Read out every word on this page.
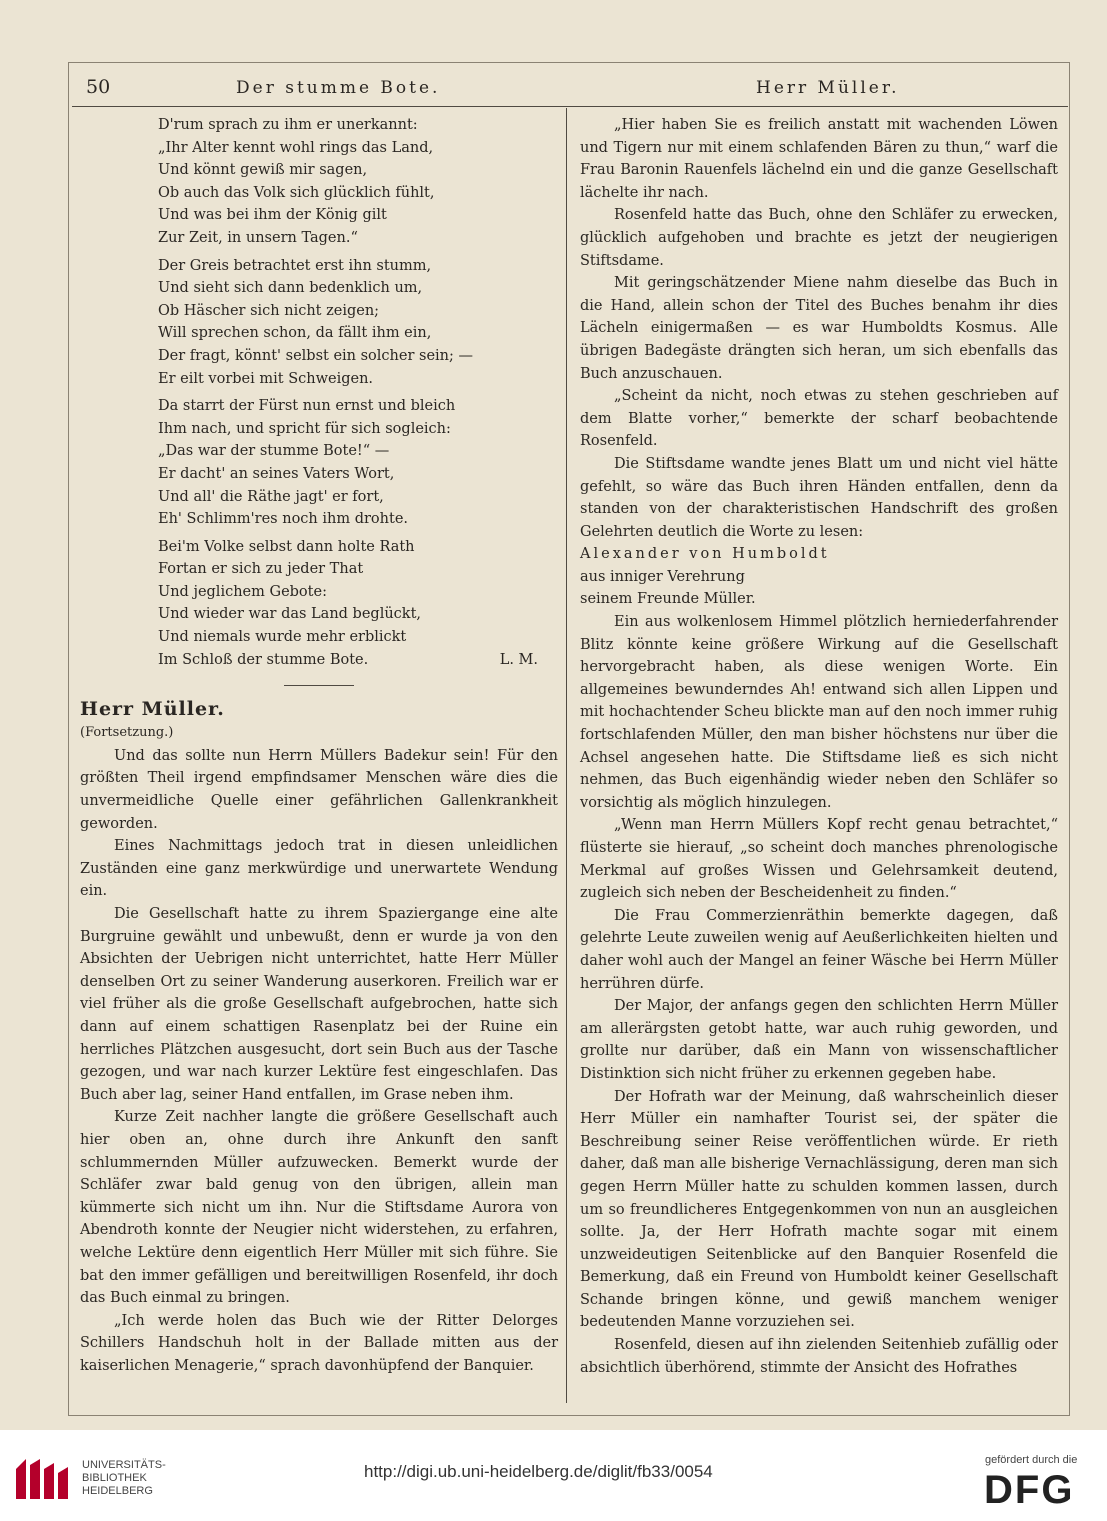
50	Der stumme Bote.	Herr Müller.
D'rum sprach zu ihm er unerkannt:
„Ihr Alter kennt wohl rings das Land,
Und könnt gewiß mir sagen,
Ob auch das Volk sich glücklich fühlt,
Und was bei ihm der König gilt
Zur Zeit, in unsern Tagen.“
Der Greis betrachtet erst ihn stumm,
Und sieht sich dann bedenklich um,
Ob Häscher sich nicht zeigen;
Will sprechen schon, da fällt ihm ein,
Der fragt, könnt' selbst ein solcher sein; —
Er eilt vorbei mit Schweigen.
Da starrt der Fürst nun ernst und bleich
Ihm nach, und spricht für sich sogleich:
„Das war der stumme Bote!“ —
Er dacht' an seines Vaters Wort,
Und all' die Räthe jagt' er fort,
Eh' Schlimm'res noch ihm drohte.
Bei'm Volke selbst dann holte Rath
Fortan er sich zu jeder That
Und jeglichem Gebote:
Und wieder war das Land beglückt,
Und niemals wurde mehr erblickt
Im Schloß der stumme Bote.	L. M.

Herr Müller.

(Fortsetzung.)

Und das sollte nun Herrn Müllers Badekur sein! Für den größten Theil irgend empfindsamer Menschen wäre dies die unvermeidliche Quelle einer gefährlichen Gallenkrankheit geworden.

Eines Nachmittags jedoch trat in diesen unleidlichen Zuständen eine ganz merkwürdige und unerwartete Wendung ein.

Die Gesellschaft hatte zu ihrem Spaziergange eine alte Burgruine gewählt und unbewußt, denn er wurde ja von den Absichten der Uebrigen nicht unterrichtet, hatte Herr Müller denselben Ort zu seiner Wanderung auserkoren. Freilich war er viel früher als die große Gesellschaft aufgebrochen, hatte sich dann auf einem schattigen Rasenplatz bei der Ruine ein herrliches Plätzchen ausgesucht, dort sein Buch aus der Tasche gezogen, und war nach kurzer Lektüre fest eingeschlafen. Das Buch aber lag, seiner Hand entfallen, im Grase neben ihm.

Kurze Zeit nachher langte die größere Gesellschaft auch hier oben an, ohne durch ihre Ankunft den sanft schlummernden Müller aufzuwecken. Bemerkt wurde der Schläfer zwar bald genug von den übrigen, allein man kümmerte sich nicht um ihn. Nur die Stiftsdame Aurora von Abendroth konnte der Neugier nicht widerstehen, zu erfahren, welche Lektüre denn eigentlich Herr Müller mit sich führe. Sie bat den immer gefälligen und bereitwilligen Rosenfeld, ihr doch das Buch einmal zu bringen.

„Ich werde holen das Buch wie der Ritter Delorges Schillers Handschuh holt in der Ballade mitten aus der kaiserlichen Menagerie,“ sprach davonhüpfend der Banquier.

„Hier haben Sie es freilich anstatt mit wachenden Löwen und Tigern nur mit einem schlafenden Bären zu thun,“ warf die Frau Baronin Rauenfels lächelnd ein und die ganze Gesellschaft lächelte ihr nach.

Rosenfeld hatte das Buch, ohne den Schläfer zu erwecken, glücklich aufgehoben und brachte es jetzt der neugierigen Stiftsdame.

Mit geringschätzender Miene nahm dieselbe das Buch in die Hand, allein schon der Titel des Buches benahm ihr dies Lächeln einigermaßen — es war Humboldts Kosmus. Alle übrigen Badegäste drängten sich heran, um sich ebenfalls das Buch anzuschauen.

„Scheint da nicht, noch etwas zu stehen geschrieben auf dem Blatte vorher,“ bemerkte der scharf beobachtende Rosenfeld.

Die Stiftsdame wandte jenes Blatt um und nicht viel hätte gefehlt, so wäre das Buch ihren Händen entfallen, denn da standen von der charakteristischen Handschrift des großen Gelehrten deutlich die Worte zu lesen:

Alexander von Humboldt

aus inniger Verehrung

seinem Freunde Müller.

Ein aus wolkenlosem Himmel plötzlich herniederfahrender Blitz könnte keine größere Wirkung auf die Gesellschaft hervorgebracht haben, als diese wenigen Worte. Ein allgemeines bewunderndes Ah! entwand sich allen Lippen und mit hochachtender Scheu blickte man auf den noch immer ruhig fortschlafenden Müller, den man bisher höchstens nur über die Achsel angesehen hatte. Die Stiftsdame ließ es sich nicht nehmen, das Buch eigenhändig wieder neben den Schläfer so vorsichtig als möglich hinzulegen.

„Wenn man Herrn Müllers Kopf recht genau betrachtet,“ flüsterte sie hierauf, „so scheint doch manches phrenologische Merkmal auf großes Wissen und Gelehrsamkeit deutend, zugleich sich neben der Bescheidenheit zu finden.“

Die Frau Commerzienräthin bemerkte dagegen, daß gelehrte Leute zuweilen wenig auf Aeußerlichkeiten hielten und daher wohl auch der Mangel an feiner Wäsche bei Herrn Müller herrühren dürfe.

Der Major, der anfangs gegen den schlichten Herrn Müller am allerärgsten getobt hatte, war auch ruhig geworden, und grollte nur darüber, daß ein Mann von wissenschaftlicher Distinktion sich nicht früher zu erkennen gegeben habe.

Der Hofrath war der Meinung, daß wahrscheinlich dieser Herr Müller ein namhafter Tourist sei, der später die Beschreibung seiner Reise veröffentlichen würde. Er rieth daher, daß man alle bisherige Vernachlässigung, deren man sich gegen Herrn Müller hatte zu schulden kommen lassen, durch um so freundlicheres Entgegenkommen von nun an ausgleichen sollte. Ja, der Herr Hofrath machte sogar mit einem unzweideutigen Seitenblicke auf den Banquier Rosenfeld die Bemerkung, daß ein Freund von Humboldt keiner Gesellschaft Schande bringen könne, und gewiß manchem weniger bedeutenden Manne vorzuziehen sei.

Rosenfeld, diesen auf ihn zielenden Seitenhieb zufällig oder absichtlich überhörend, stimmte der Ansicht des Hofrathes

UNIVERSITÄTS-
BIBLIOTHEK
HEIDELBERG
http://digi.ub.uni-heidelberg.de/diglit/fb33/0054
gefördert durch die
DFG
